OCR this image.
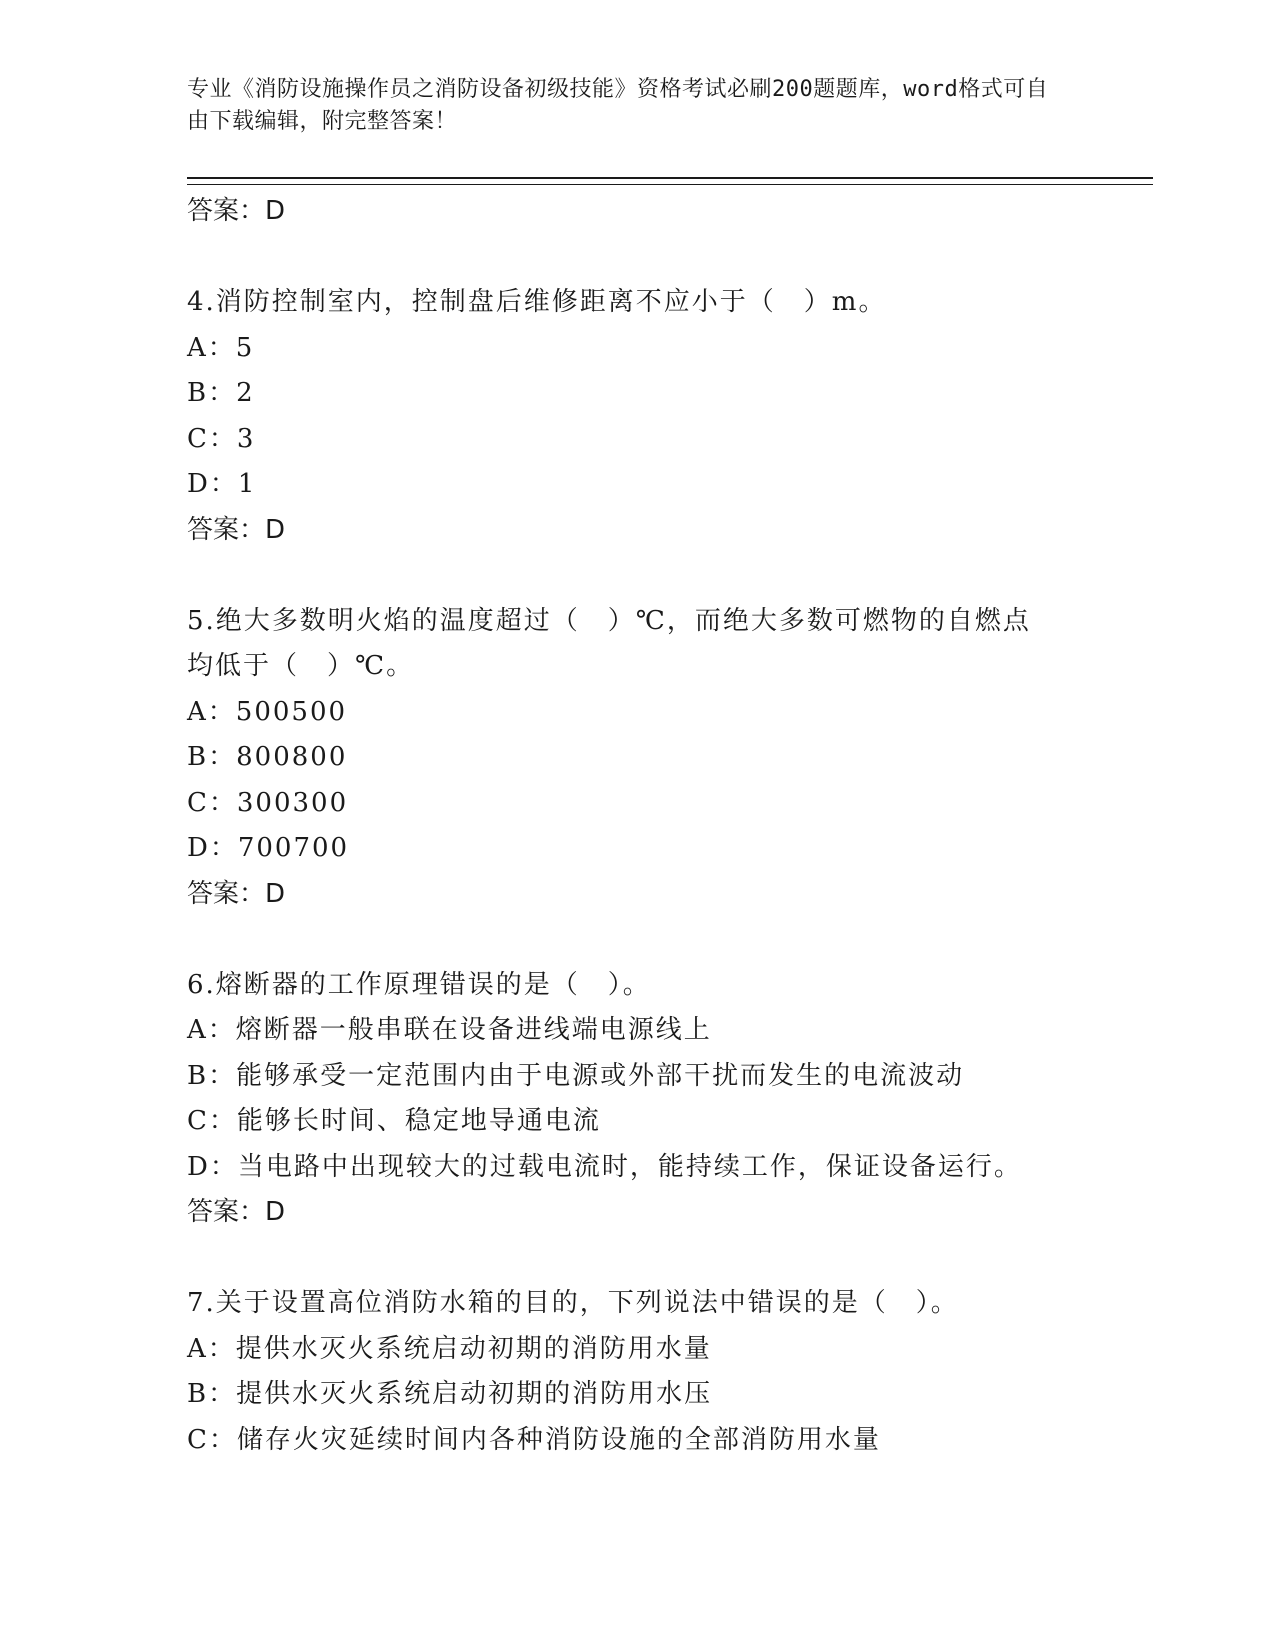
专业《消防设施操作员之消防设备初级技能》资格考试必刷200题题库，word格式可自由下载编辑，附完整答案！
答案：D
4.消防控制室内，控制盘后维修距离不应小于（　）m。
A：5
B：2
C：3
D：1
答案：D
5.绝大多数明火焰的温度超过（　）℃，而绝大多数可燃物的自燃点
均低于（　）℃。
A：500500
B：800800
C：300300
D：700700
答案：D
6.熔断器的工作原理错误的是（　）。
A：熔断器一般串联在设备进线端电源线上
B：能够承受一定范围内由于电源或外部干扰而发生的电流波动
C：能够长时间、稳定地导通电流
D：当电路中出现较大的过载电流时，能持续工作，保证设备运行。
答案：D
7.关于设置高位消防水箱的目的，下列说法中错误的是（　）。
A：提供水灭火系统启动初期的消防用水量
B：提供水灭火系统启动初期的消防用水压
C：储存火灾延续时间内各种消防设施的全部消防用水量
